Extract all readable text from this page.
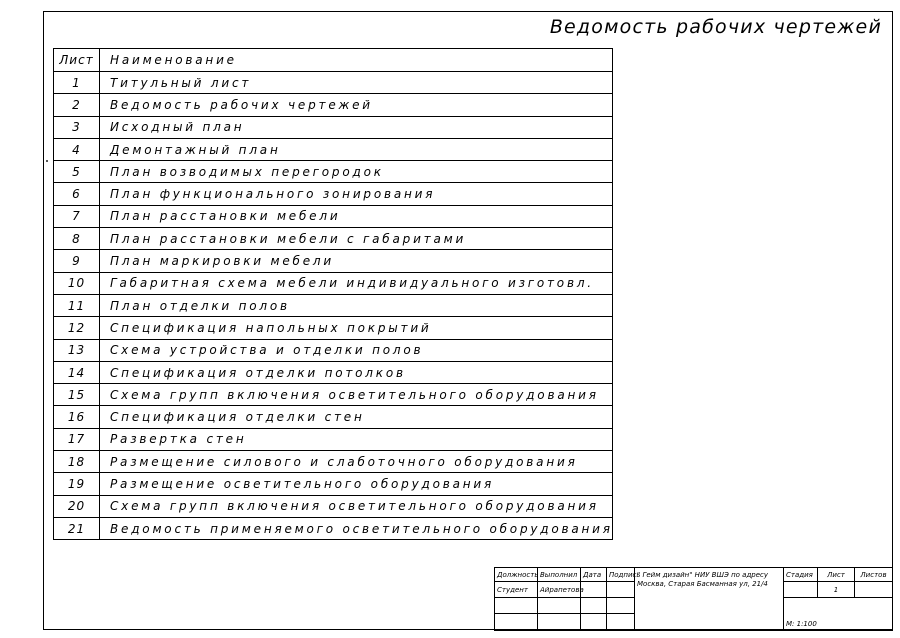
Ведомость рабочих чертежей
Лист	Наименование
1	Титульный лист
2	Ведомость рабочих чертежей
3	Исходный план
4	Демонтажный план
5	План возводимых перегородок
6	План функционального зонирования
7	План расстановки мебели
8	План расстановки мебели с габаритами
9	План маркировки мебели
10	Габаритная схема мебели индивидуального изготовл.
11	План отделки полов
12	Спецификация напольных покрытий
13	Схема устройства и отделки полов
14	Спецификация отделки потолков
15	Схема групп включения осветительного оборудования
16	Спецификация отделки стен
17	Развертка стен
18	Размещение силового и слаботочного оборудования
19	Размещение осветительного оборудования
20	Схема групп включения осветительного оборудования
21	Ведомость применяемого осветительного оборудования
Должность	Выполнил	Дата	Подпись	" Гейм дизайн" НИУ ВШЭ по адресу Москва, Старая Басманная ул, 21/4	Стадия	Лист	Листов
Студент	Айрапетова					1	
					М: 1:100		
